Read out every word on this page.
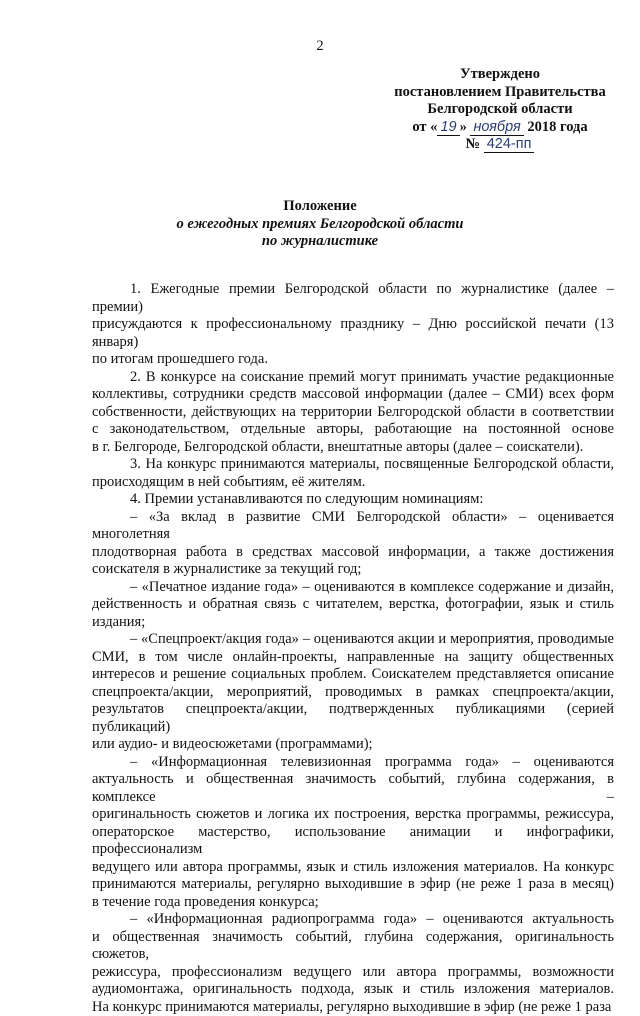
2
Утверждено
постановлением Правительства
Белгородской области
от « 19 » ноября 2018 года
№ 424-пп
Положение
о ежегодных премиях Белгородской области
по журналистике
1. Ежегодные премии Белгородской области по журналистике (далее – премии)
присуждаются к профессиональному празднику – Дню российской печати (13 января)
по итогам прошедшего года.
2. В конкурсе на соискание премий могут принимать участие редакционные
коллективы, сотрудники средств массовой информации (далее – СМИ) всех форм
собственности, действующих на территории Белгородской области в соответствии
с законодательством, отдельные авторы, работающие на постоянной основе
в г. Белгороде, Белгородской области, внештатные авторы (далее – соискатели).
3. На конкурс принимаются материалы, посвященные Белгородской области,
происходящим в ней событиям, её жителям.
4. Премии устанавливаются по следующим номинациям:
– «За вклад в развитие СМИ Белгородской области» – оценивается многолетняя
плодотворная работа в средствах массовой информации, а также достижения
соискателя в журналистике за текущий год;
– «Печатное издание года» – оцениваются в комплексе содержание и дизайн,
действенность и обратная связь с читателем, верстка, фотографии, язык и стиль
издания;
– «Спецпроект/акция года» – оцениваются акции и мероприятия, проводимые
СМИ, в том числе онлайн-проекты, направленные на защиту общественных
интересов и решение социальных проблем. Соискателем представляется описание
спецпроекта/акции, мероприятий, проводимых в рамках спецпроекта/акции,
результатов спецпроекта/акции, подтвержденных публикациями (серией публикаций)
или аудио- и видеосюжетами (программами);
– «Информационная телевизионная программа года» – оцениваются
актуальность и общественная значимость событий, глубина содержания, в комплексе –
оригинальность сюжетов и логика их построения, верстка программы, режиссура,
операторское мастерство, использование анимации и инфографики, профессионализм
ведущего или автора программы, язык и стиль изложения материалов. На конкурс
принимаются материалы, регулярно выходившие в эфир (не реже 1 раза в месяц)
в течение года проведения конкурса;
– «Информационная радиопрограмма года» – оцениваются актуальность
и общественная значимость событий, глубина содержания, оригинальность сюжетов,
режиссура, профессионализм ведущего или автора программы, возможности
аудиомонтажа, оригинальность подхода, язык и стиль изложения материалов.
На конкурс принимаются материалы, регулярно выходившие в эфир (не реже 1 раза
